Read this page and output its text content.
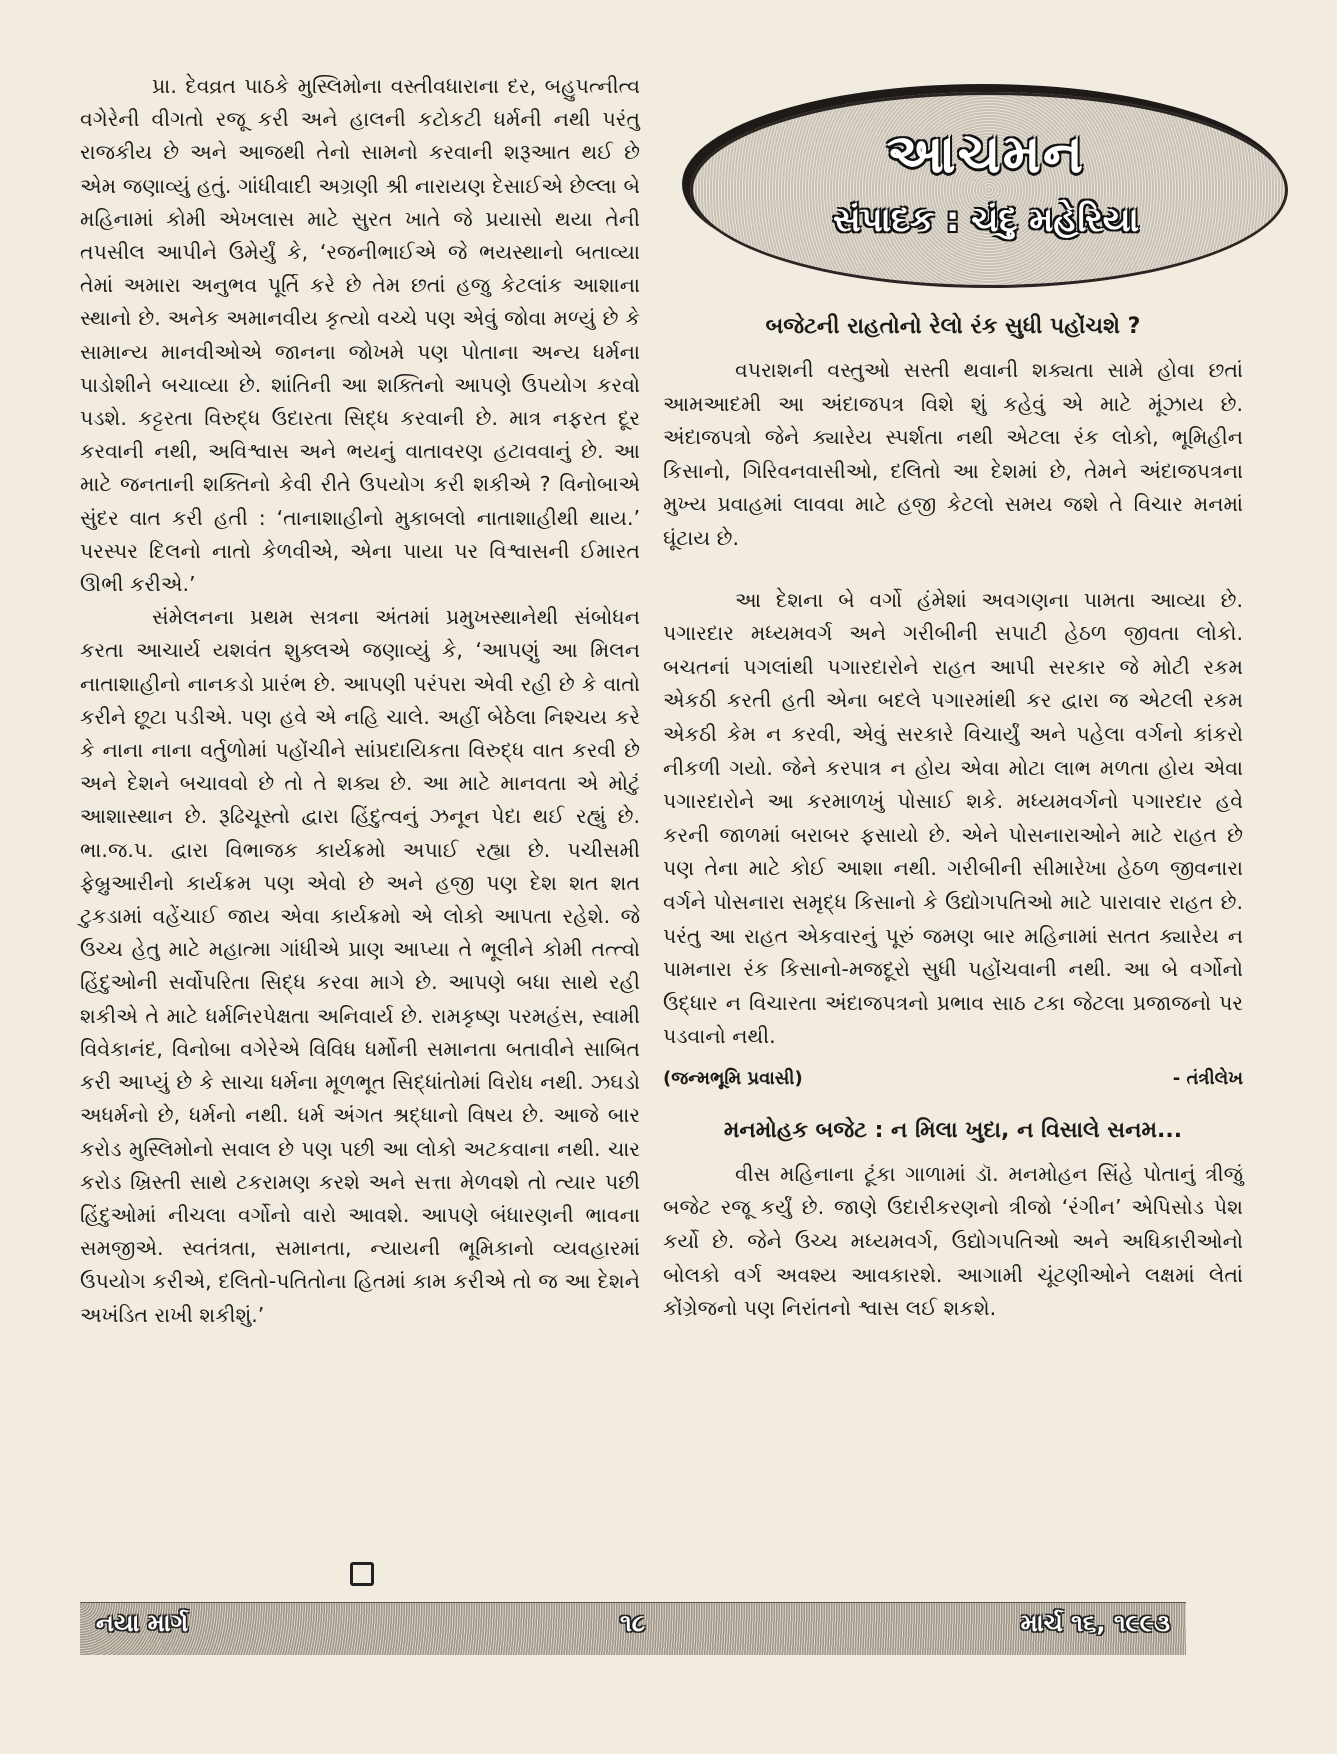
પ્રા. દેવવ્રત પાઠકે મુસ્લિમોના વસ્તીવધારાના દર, બહુપત્નીત્વ વગેરેની વીગતો રજૂ કરી અને હાલની કટોકટી ધર્મની નથી પરંતુ રાજકીય છે અને આજથી તેનો સામનો કરવાની શરૂઆત થઈ છે એમ જણાવ્યું હતું. ગાંધીવાદી અગ્રણી શ્રી નારાયણ દેસાઈએ છેલ્લા બે મહિનામાં કોમી એખલાસ માટે સુરત ખાતે જે પ્રયાસો થયા તેની તપસીલ આપીને ઉમેર્યું કે, ‘રજનીભાઈએ જે ભયસ્થાનો બતાવ્યા તેમાં અમારા અનુભવ પૂર્તિ કરે છે તેમ છતાં હજુ કેટલાંક આશાના સ્થાનો છે. અનેક અમાનવીય કૃત્યો વચ્ચે પણ એવું જોવા મળ્યું છે કે સામાન્ય માનવીઓએ જાનના જોખમે પણ પોતાના અન્ય ધર્મના પાડોશીને બચાવ્યા છે. શાંતિની આ શક્તિનો આપણે ઉપયોગ કરવો પડશે. કટ્ટરતા વિરુદ્ધ ઉદારતા સિદ્ધ કરવાની છે. માત્ર નફરત દૂર કરવાની નથી, અવિશ્વાસ અને ભયનું વાતાવરણ હટાવવાનું છે. આ માટે જનતાની શક્તિનો કેવી રીતે ઉપયોગ કરી શકીએ ? વિનોબાએ સુંદર વાત કરી હતી : ‘તાનાશાહીનો મુકાબલો નાતાશાહીથી થાય.’ પરસ્પર દિલનો નાતો કેળવીએ, એના પાયા પર વિશ્વાસની ઈમારત ઊભી કરીએ.’

સંમેલનના પ્રથમ સત્રના અંતમાં પ્રમુખસ્થાનેથી સંબોધન કરતા આચાર્ય યશવંત શુક્લએ જણાવ્યું કે, ‘આપણું આ મિલન નાતાશાહીનો નાનકડો પ્રારંભ છે. આપણી પરંપરા એવી રહી છે કે વાતો કરીને છૂટા પડીએ. પણ હવે એ નહિ ચાલે. અહીં બેઠેલા નિશ્ચય કરે કે નાના નાના વર્તુળોમાં પહોંચીને સાંપ્રદાયિકતા વિરુદ્ધ વાત કરવી છે અને દેશને બચાવવો છે તો તે શક્ય છે. આ માટે માનવતા એ મોટું આશાસ્થાન છે. રૂઢિચૂસ્તો દ્વારા હિંદુત્વનું ઝનૂન પેદા થઈ રહ્યું છે. ભા.જ.પ. દ્વારા વિભાજક કાર્યક્રમો અપાઈ રહ્યા છે. પચીસમી ફેબ્રુઆરીનો કાર્યક્રમ પણ એવો છે અને હજી પણ દેશ શત શત ટુકડામાં વહેંચાઈ જાય એવા કાર્યક્રમો એ લોકો આપતા રહેશે. જે ઉચ્ચ હેતુ માટે મહાત્મા ગાંધીએ પ્રાણ આપ્યા તે ભૂલીને કોમી તત્ત્વો હિંદુઓની સર્વોપરિતા સિદ્ધ કરવા માગે છે. આપણે બધા સાથે રહી શકીએ તે માટે ધર્મનિરપેક્ષતા અનિવાર્ય છે. રામકૃષ્ણ પરમહંસ, સ્વામી વિવેકાનંદ, વિનોબા વગેરેએ વિવિધ ધર્મોની સમાનતા બતાવીને સાબિત કરી આપ્યું છે કે સાચા ધર્મના મૂળભૂત સિદ્ધાંતોમાં વિરોધ નથી. ઝઘડો અધર્મનો છે, ધર્મનો નથી. ધર્મ અંગત શ્રદ્ધાનો વિષય છે. આજે બાર કરોડ મુસ્લિમોનો સવાલ છે પણ પછી આ લોકો અટકવાના નથી. ચાર કરોડ ખ્રિસ્તી સાથે ટકરામણ કરશે અને સત્તા મેળવશે તો ત્યાર પછી હિંદુઓમાં નીચલા વર્ગોનો વારો આવશે. આપણે બંધારણની ભાવના સમજીએ. સ્વતંત્રતા, સમાનતા, ન્યાયની ભૂમિકાનો વ્યવહારમાં ઉપયોગ કરીએ, દલિતો-પતિતોના હિતમાં કામ કરીએ તો જ આ દેશને અખંડિત રાખી શકીશું.’

આચમન
સંપાદક : ચંદુ મહેરિયા
બજેટની રાહતોનો રેલો રંક સુધી પહોંચશે ?

વપરાશની વસ્તુઓ સસ્તી થવાની શક્યતા સામે હોવા છતાં આમઆદમી આ અંદાજપત્ર વિશે શું કહેવું એ માટે મૂંઝાય છે. અંદાજપત્રો જેને ક્યારેય સ્પર્શતા નથી એટલા રંક લોકો, ભૂમિહીન કિસાનો, ગિરિવનવાસીઓ, દલિતો આ દેશમાં છે, તેમને અંદાજપત્રના મુખ્ય પ્રવાહમાં લાવવા માટે હજી કેટલો સમય જશે તે વિચાર મનમાં ઘૂંટાય છે.

આ દેશના બે વર્ગો હંમેશાં અવગણના પામતા આવ્યા છે. પગારદાર મધ્યમવર્ગ અને ગરીબીની સપાટી હેઠળ જીવતા લોકો. બચતનાં પગલાંથી પગારદારોને રાહત આપી સરકાર જે મોટી રકમ એકઠી કરતી હતી એના બદલે પગારમાંથી કર દ્વારા જ એટલી રકમ એકઠી કેમ ન કરવી, એવું સરકારે વિચાર્યું અને પહેલા વર્ગનો કાંકરો નીકળી ગયો. જેને કરપાત્ર ન હોય એવા મોટા લાભ મળતા હોય એવા પગારદારોને આ કરમાળખું પોસાઈ શકે. મધ્યમવર્ગનો પગારદાર હવે કરની જાળમાં બરાબર ફસાયો છે. એને પોસનારાઓને માટે રાહત છે પણ તેના માટે કોઈ આશા નથી. ગરીબીની સીમારેખા હેઠળ જીવનારા વર્ગને પોસનારા સમૃદ્ધ કિસાનો કે ઉદ્યોગપતિઓ માટે પારાવાર રાહત છે. પરંતુ આ રાહત એકવારનું પૂરું જમણ બાર મહિનામાં સતત ક્યારેય ન પામનારા રંક કિસાનો-મજદૂરો સુધી પહોંચવાની નથી. આ બે વર્ગોનો ઉદ્ધાર ન વિચારતા અંદાજપત્રનો પ્રભાવ સાઠ ટકા જેટલા પ્રજાજનો પર પડવાનો નથી.

(જન્મભૂમિ પ્રવાસી)	- તંત્રીલેખ
મનમોહક બજેટ : ન મિલા ખુદા, ન વિસાલે સનમ...

વીસ મહિનાના ટૂંકા ગાળામાં ડૉ. મનમોહન સિંહે પોતાનું ત્રીજું બજેટ રજૂ કર્યું છે. જાણે ઉદારીકરણનો ત્રીજો ‘રંગીન’ એપિસોડ પેશ કર્યો છે. જેને ઉચ્ચ મધ્યમવર્ગ, ઉદ્યોગપતિઓ અને અધિકારીઓનો બોલકો વર્ગ અવશ્ય આવકારશે. આગામી ચૂંટણીઓને લક્ષમાં લેતાં કોંગ્રેજનો પણ નિરાંતનો શ્વાસ લઈ શકશે.

નયા માર્ગ	૧૮	માર્ચ ૧૬, ૧૯૯૩
